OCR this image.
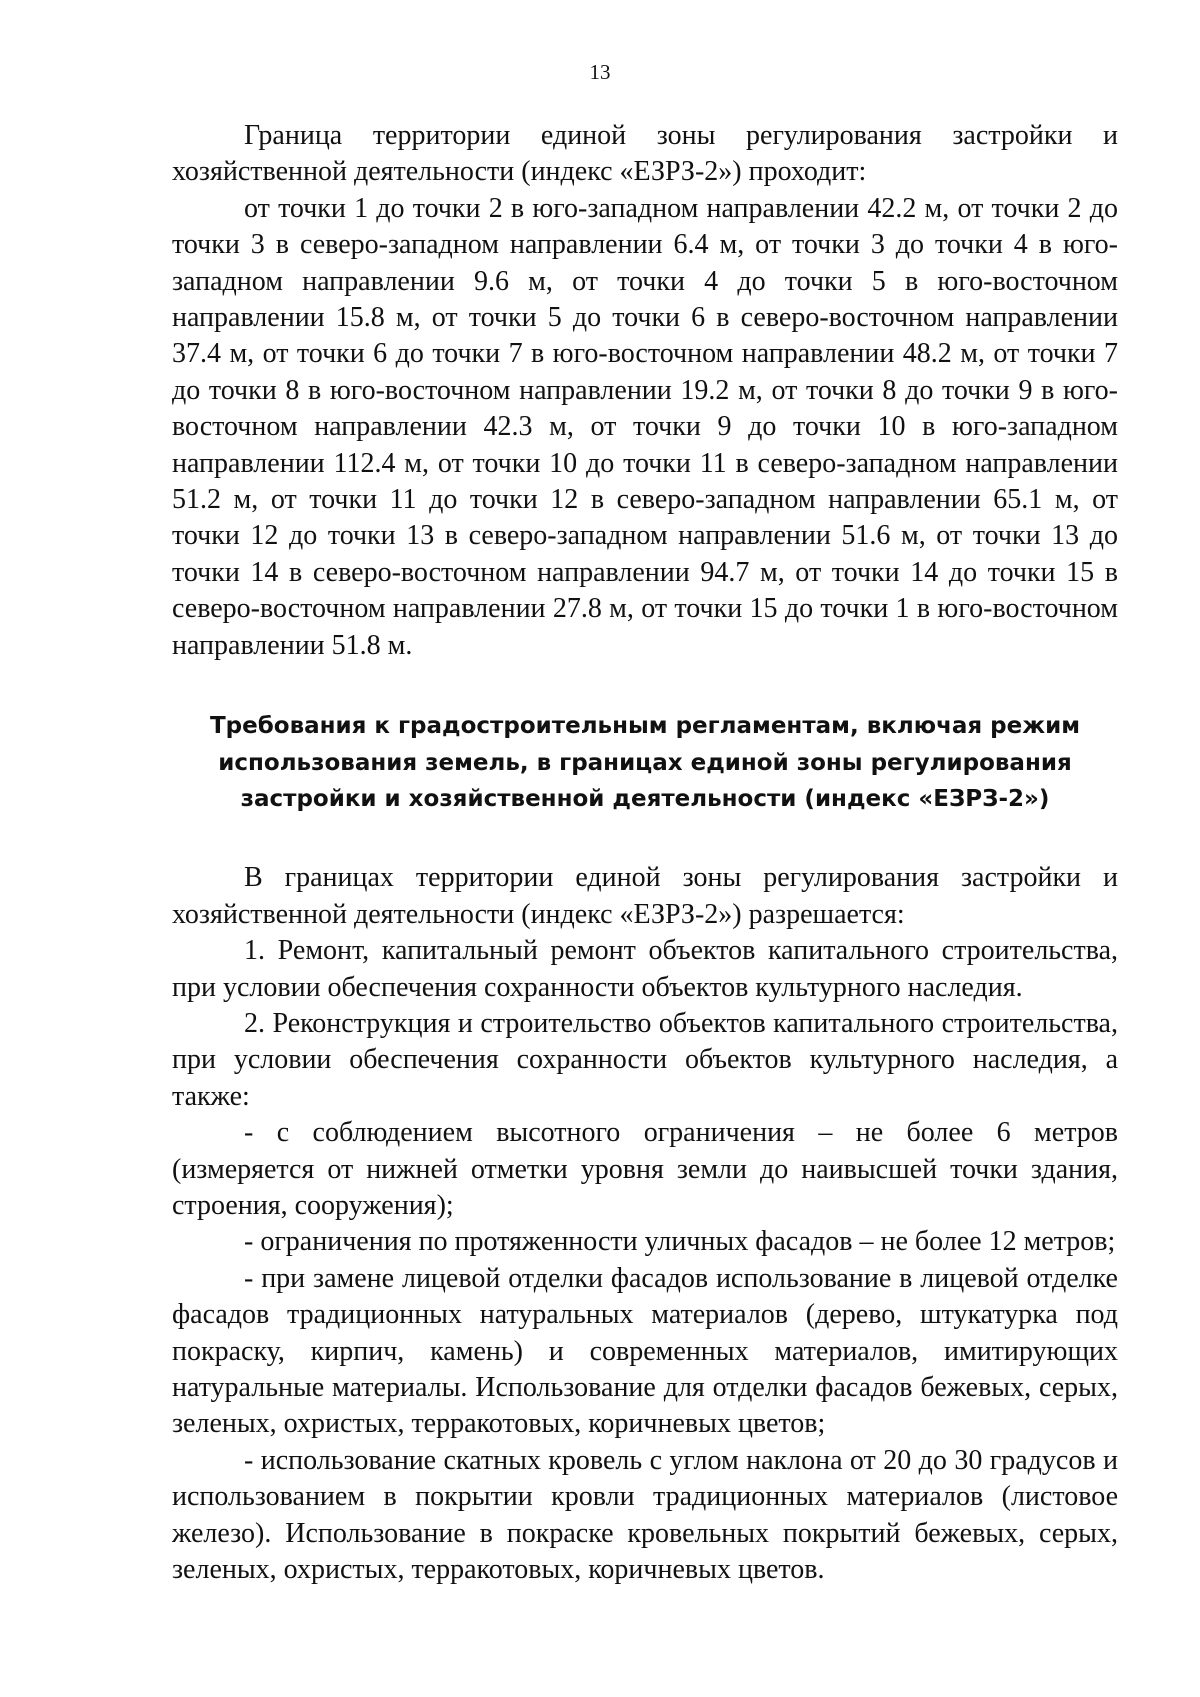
13

Граница территории единой зоны регулирования застройки и хозяйственной деятельности (индекс «ЕЗРЗ-2») проходит:

от точки 1 до точки 2 в юго-западном направлении 42.2 м, от точки 2 до точки 3 в северо-западном направлении 6.4 м, от точки 3 до точки 4 в юго-западном направлении 9.6 м, от точки 4 до точки 5 в юго-восточном направлении 15.8 м, от точки 5 до точки 6 в северо-восточном направлении 37.4 м, от точки 6 до точки 7 в юго-восточном направлении 48.2 м, от точки 7 до точки 8 в юго-восточном направлении 19.2 м, от точки 8 до точки 9 в юго-восточном направлении 42.3 м, от точки 9 до точки 10 в юго-западном направлении 112.4 м, от точки 10 до точки 11 в северо-западном направлении 51.2 м, от точки 11 до точки 12 в северо-западном направлении 65.1 м, от точки 12 до точки 13 в северо-западном направлении 51.6 м, от точки 13 до точки 14 в северо-восточном направлении 94.7 м, от точки 14 до точки 15 в северо-восточном направлении 27.8 м, от точки 15 до точки 1 в юго-восточном направлении 51.8 м.

Требования к градостроительным регламентам, включая режим
использования земель, в границах единой зоны регулирования
застройки и хозяйственной деятельности (индекс «ЕЗРЗ-2»)

В границах территории единой зоны регулирования застройки и хозяйственной деятельности (индекс «ЕЗРЗ-2») разрешается:

1. Ремонт, капитальный ремонт объектов капитального строительства, при условии обеспечения сохранности объектов культурного наследия.

2. Реконструкция и строительство объектов капитального строительства, при условии обеспечения сохранности объектов культурного наследия, а также:

- с соблюдением высотного ограничения – не более 6 метров (измеряется от нижней отметки уровня земли до наивысшей точки здания, строения, сооружения);

- ограничения по протяженности уличных фасадов – не более 12 метров;

- при замене лицевой отделки фасадов использование в лицевой отделке фасадов традиционных натуральных материалов (дерево, штукатурка под покраску, кирпич, камень) и современных материалов, имитирующих натуральные материалы. Использование для отделки фасадов бежевых, серых, зеленых, охристых, терракотовых, коричневых цветов;

- использование скатных кровель с углом наклона от 20 до 30 градусов и использованием в покрытии кровли традиционных материалов (листовое железо). Использование в покраске кровельных покрытий бежевых, серых, зеленых, охристых, терракотовых, коричневых цветов.
